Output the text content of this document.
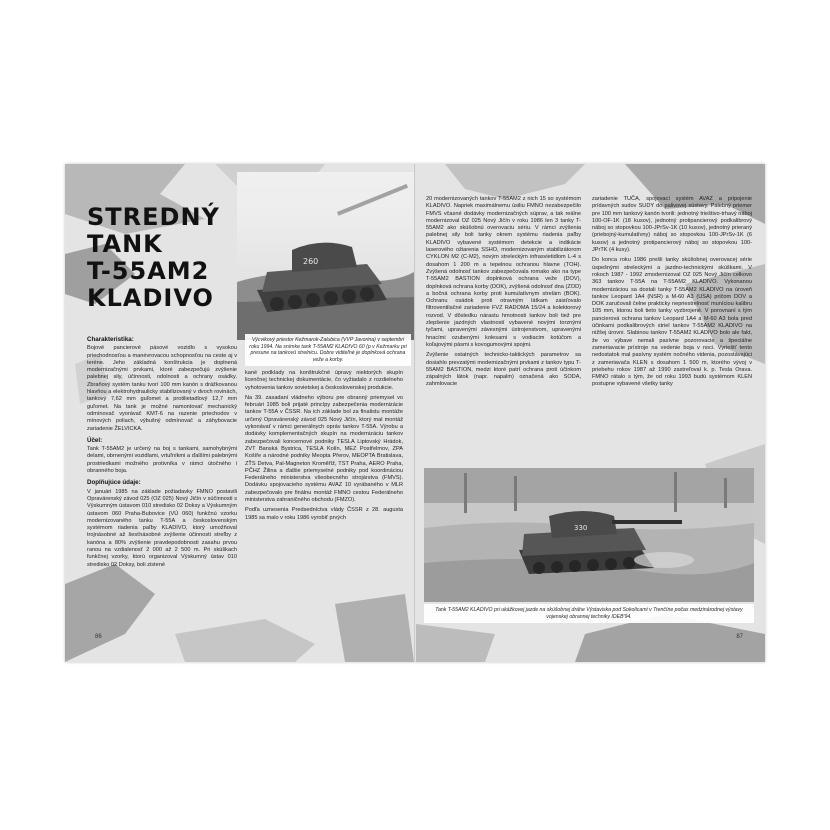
STREDNÝ
TANK
T-55AM2
KLADIVO
260
Výcvikový priestor Kežmarok-Zalubica (VVP Javorina) v septembri roku 1994. Na snímke tank T-55AM2 KLADIVO 60 (p v Kežmarku pri presune na tankovú strelnicu. Dobre viditeľné je doplnková ochrana veže a korby.
Charakteristika:

Bojové pancierové pásové vozidlo s vysokou priechodnosťou a manévrovacou schopnosťou na ceste aj v teréne. Jeho základná konštrukcia je doplnená modernizačnými prvkami, ktoré zabezpečujú zvýšenie palebnej sily, účinnosti, odolnosti a ochrany osádky. Zbraňový systém tanku tvorí 100 mm kanón s drážkovanou hlavňou a elektrohydraulicky stabilizovaný v dvoch rovinách, tankový 7,62 mm guľomet a protilietadlový 12,7 mm guľomet. Na tank je možné namontovať mechanický odmínovač vyorávač KMT-6 na razenie priechodov v mínových poliach, výbušný odmínovač a záhybovacie zariadenie ŽELVICKA.

Účel:

Tank T-55AM2 je určený na boj s tankami, samohybnými delami, obrnenými vozidlami, vrtuľníkmi a ďalšími palebnými prostriedkami možného protivníka v rámci útočného i obranného boja.

Doplňujúce údaje:

V januári 1985 na základe požiadavky FMNO postavili Opravárenský závod 025 (OZ 025) Nový Jičín v súčinnosti s Výskumným ústavom 010 stredisko 02 Doksy a Výskumným ústavom 060 Praha-Bubovice (VÚ 060) funkčnú vzorku modernizovaného tanku T-55A a československým systémom riadenia paľby KLADIVO, ktorý umožňoval trojnásobné až šesťnásobné zvýšenie účinnosti streľby z kanóna a 80% zvýšenie pravdepodobnosti zasahu prvou ranou na vzdialenosť 2 000 až 2 500 m. Pri skúškach funkčnej vzorky, ktorú organizoval Výskumný ústav 010 stredisko 02 Doksy, boli zistené

kané podklady na konštrukčné úpravy niektorých skupín licenčnej technickej dokumentácie, čo vyžiadalo z rozdielneho vyhotovenia tankov sovietskej a československej produkcie.

Na 39. zasadaní vládneho výboru pre obranný priemysel vo februári 1985 boli prijaté princípy zabezpečenia modernizácie tankov T-55A v ČSSR. Na ich základe bol za finalistu montáže určený Opravárenský závod 025 Nový Jičín, ktorý mal montáž vykonávať v rámci generálnych opráv tankov T-55A. Výrobu a dodávky komplementačných skupín na modernizáciu tankov zabezpečovali koncernové podniky TESLA Liptovský Hrádok, ZVT Banská Bystrica, TESLA Kolín, MEZ Postřelmov, ZPA Košíře a národné podniky Meopta Přerov, MEOPTA Bratislava, ZŤS Detva, Pal-Magneton Kroměříž, TST Praha, AERO Praha, PČHZ Žilina a ďalšie priemyselné podniky pod koordináciou Federálneho ministerstva všeobecného strojárstva (FMVS). Dodávku spojovacieho systému AVAZ 10 vyrábaného v MLR zabezpečovalo pre finálnu montáž FMNO cestou Federálneho ministerstva zahraničného obchodu (FMZO).

Podľa uznesenia Predsedníctva vlády ČSSR z 28. augusta 1985 sa malo v roku 1986 vyrobiť prvých

86

20 modernizovaných tankov T-55AM2 z nich 15 so systémom KLADIVO. Napriek maximálnemu úsiliu FMNO nezabezpečilo FMVS včasné dodávky modernizačných súprav, a tak reálne modernizoval OZ 025 Nový Jičín v roku 1986 len 3 tanky T-55AM2 ako skúšobnú overovaciu sériu. V rámci zvýšenia palebnej sily boli tanky okrem systému riadenia paľby KLADIVO vybavené systémom detekcie a indikácie laserového ožiarenia SSHO, modernizovaným stabilizátorom CYKLON M2 (C-M2), novým streleckým infrasvietidlom L-4 s dosahom 1 200 m a tepelnou ochranou hlavne (TOH). Zvýšená odolnosť tankov zabezpečovala romako ako na type T-55AM2 BASTION doplnková ochrana veže (DOV), doplnková ochrana korby (DOK), zvýšená odolnosť dna (ZOD) a bočná ochrana korby proti kumulatívnym strelám (BOK). Ochranu osádok proti otravným látkam zaisťovalo filtroventilačné zariadenie FVZ RADOMA 15/24 a kolektorový rozvod. V dôsledku nárastu hmotnosti tankov boli tiež pre zlepšenie jazdných vlastností vybavené novými torznými tyčami, upravenými závesnými ústrojenstvom, upravenými hnacími ozubenými kolesami s vodiacim kotúčom a koľajovými pásmi s kovogumovými spojmi.

Zvýšenie ostatných technicko-taktických parametrov sa dosiahlo prevzatými modernizačnými prvkami z tankov typu T-55AM2 BASTION, medzi ktoré patrí ochrana proti účinkom zápalných látok (napr. napalm) označená ako SODA, zahmlovacie

zariadenie TUČA, spojovací systém AVAZ a pripojenie prídavných sudov SUDY do palivovej sústavy. Palebný priemer pre 100 mm tankový kanón tvorili: jednotný trieštivo-trhavý náboj 100-OF-1K (18 kusov), jednotný protipancierový podkalibrový náboj so stopovkou 100-JPrSv-1K (10 kusov), jednotný prieraný (priebojný-kumulatívny) náboj so stopovkou 100-JPrSv-1K (6 kusov) a jednotný protipancierový náboj so stopovkou 100-JPrTK (4 kusy).

Do konca roku 1986 prešli tanky skúšobnej overovacej série úspešnými streleckými a jazdno-technickými skúškami. V rokoch 1987 - 1992 zmodernizoval OZ 025 Nový Jičín celkovo 363 tankov T-55A na T-55AM2 KLADIVO. Vykonanou modernizáciou sa dostali tanky T-55AM2 KLADIVO na úroveň tankov Leopard 1A4 (NSR) a M-60 A3 (USA) pričom DOV a DOK zaručovali čelne prakticky nepriestrelnosť muníciou kalibru 105 mm, ktorou boli tieto tanky vyzbrojené. V porovnaní s tým pancierová ochrana tankov Leopard 1A4 a M-60 A3 bola pred účinkami podkalibrových striel tankov T-55AM2 KLADIVO na nižšej úrovni. Slabinou tankov T-55AM2 KLADIVO bolo ale fakt, že vo výbave nemali pasívne pozorovacie a špeciálne zameriavacie prístroje na vedenie boja v noci. Vyriešiť tento nedostatok mal pasívny systém nočného videnia, pozostávajúci z zameriavača KLEN s dosahom 1 500 m, ktorého vývoj v priebehu rokov 1987 až 1990 zastreľoval k. p. Tesla Orava. FMNO rátalo s tým, že od roku 1993 budú systémom KLEN postupne vybavené všetky tanky

330
Tank T-55AM2 KLADIVO pri ukážkovej jazde na skúšobnej dráhe Výstaviska pod Sokolicami v Trenčíne počas medzinárodnej výstavy vojenskej obrannej techniky IDEB'94.
87
